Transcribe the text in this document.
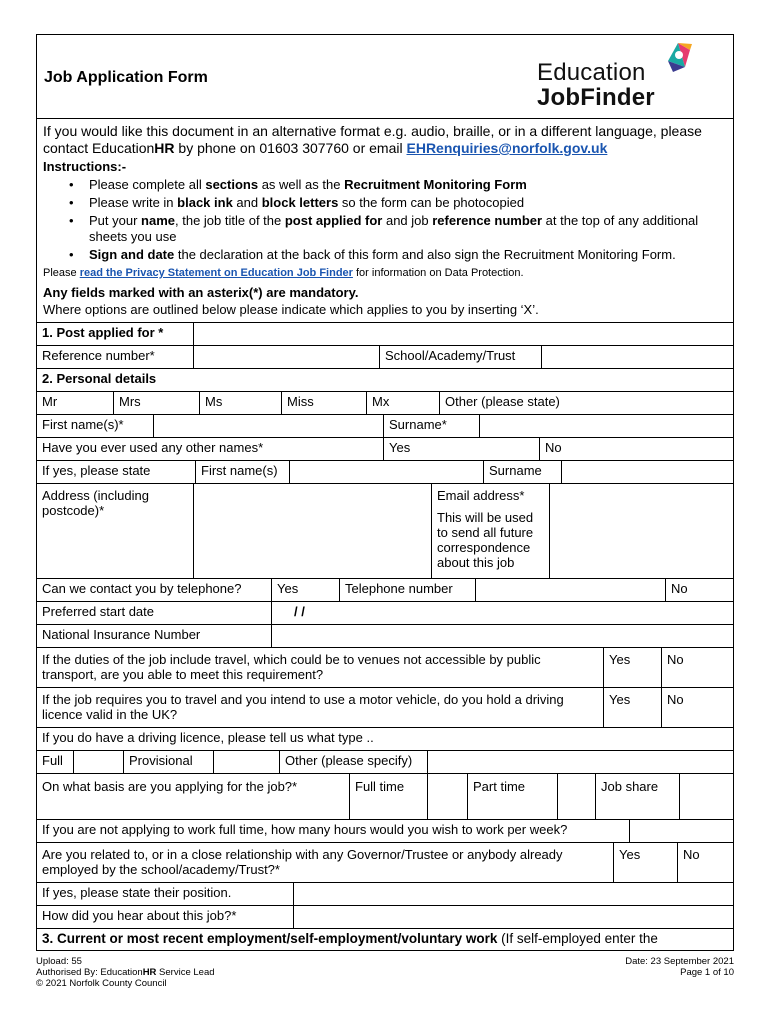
Job Application Form	Education
JobFinder
If you would like this document in an alternative format e.g. audio, braille, or in a different language, please contact EducationHR by phone on 01603 307760 or email EHRenquiries@norfolk.gov.uk
Instructions:-
• Please complete all sections as well as the Recruitment Monitoring Form
• Please write in black ink and block letters so the form can be photocopied
• Put your name, the job title of the post applied for and job reference number at the top of any additional sheets you use
• Sign and date the declaration at the back of this form and also sign the Recruitment Monitoring Form.
Please read the Privacy Statement on Education Job Finder for information on Data Protection.
Any fields marked with an asterix(*) are mandatory.
Where options are outlined below please indicate which applies to you by inserting ‘X’.
1. Post applied for *
Reference number*	School/Academy/Trust
2. Personal details
Mr	Mrs	Ms	Miss	Mx	Other (please state)
First name(s)*	Surname*
Have you ever used any other names*	Yes	No
If yes, please state	First name(s)	Surname
Address (including postcode)*
Email address*
This will be used to send all future correspondence about this job
Can we contact you by telephone?	Yes	Telephone number	No
Preferred start date	/ /
National Insurance Number
If the duties of the job include travel, which could be to venues not accessible by public transport, are you able to meet this requirement?
Yes	No
If the job requires you to travel and you intend to use a motor vehicle, do you hold a driving licence valid in the UK?
Yes	No
If you do have a driving licence, please tell us what type ..
Full	Provisional	Other (please specify)
On what basis are you applying for the job?*	Full time	Part time	Job share
If you are not applying to work full time, how many hours would you wish to work per week?
Are you related to, or in a close relationship with any Governor/Trustee or anybody already employed by the school/academy/Trust?*
Yes	No
If yes, please state their position.
How did you hear about this job?*
3. Current or most recent employment/self-employment/voluntary work (If self-employed enter the
Upload: 55
Authorised By: EducationHR Service Lead
© 2021 Norfolk County Council
Date: 23 September 2021
Page 1 of 10
